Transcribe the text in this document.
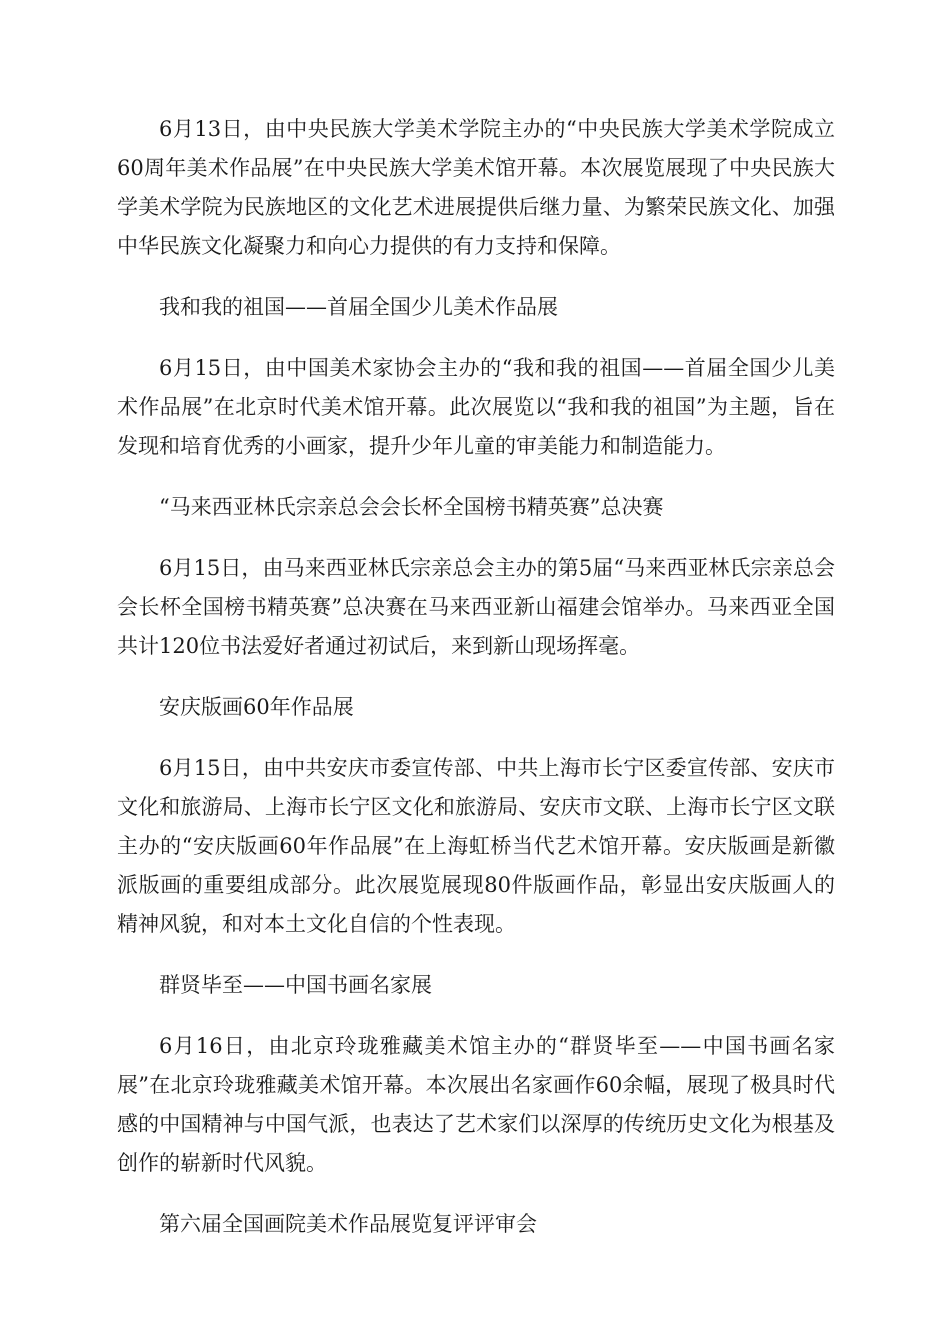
6月13日，由中央民族大学美术学院主办的“中央民族大学美术学院成立60周年美术作品展”在中央民族大学美术馆开幕。本次展览展现了中央民族大学美术学院为民族地区的文化艺术进展提供后继力量、为繁荣民族文化、加强中华民族文化凝聚力和向心力提供的有力支持和保障。

我和我的祖国——首届全国少儿美术作品展

6月15日，由中国美术家协会主办的“我和我的祖国——首届全国少儿美术作品展”在北京时代美术馆开幕。此次展览以“我和我的祖国”为主题，旨在发现和培育优秀的小画家，提升少年儿童的审美能力和制造能力。

“马来西亚林氏宗亲总会会长杯全国榜书精英赛”总决赛

6月15日，由马来西亚林氏宗亲总会主办的第5届“马来西亚林氏宗亲总会会长杯全国榜书精英赛”总决赛在马来西亚新山福建会馆举办。马来西亚全国共计120位书法爱好者通过初试后，来到新山现场挥毫。

安庆版画60年作品展

6月15日，由中共安庆市委宣传部、中共上海市长宁区委宣传部、安庆市文化和旅游局、上海市长宁区文化和旅游局、安庆市文联、上海市长宁区文联主办的“安庆版画60年作品展”在上海虹桥当代艺术馆开幕。安庆版画是新徽派版画的重要组成部分。此次展览展现80件版画作品，彰显出安庆版画人的精神风貌，和对本土文化自信的个性表现。

群贤毕至——中国书画名家展

6月16日，由北京玲珑雅藏美术馆主办的“群贤毕至——中国书画名家展”在北京玲珑雅藏美术馆开幕。本次展出名家画作60余幅，展现了极具时代感的中国精神与中国气派，也表达了艺术家们以深厚的传统历史文化为根基及创作的崭新时代风貌。

第六届全国画院美术作品展览复评评审会
